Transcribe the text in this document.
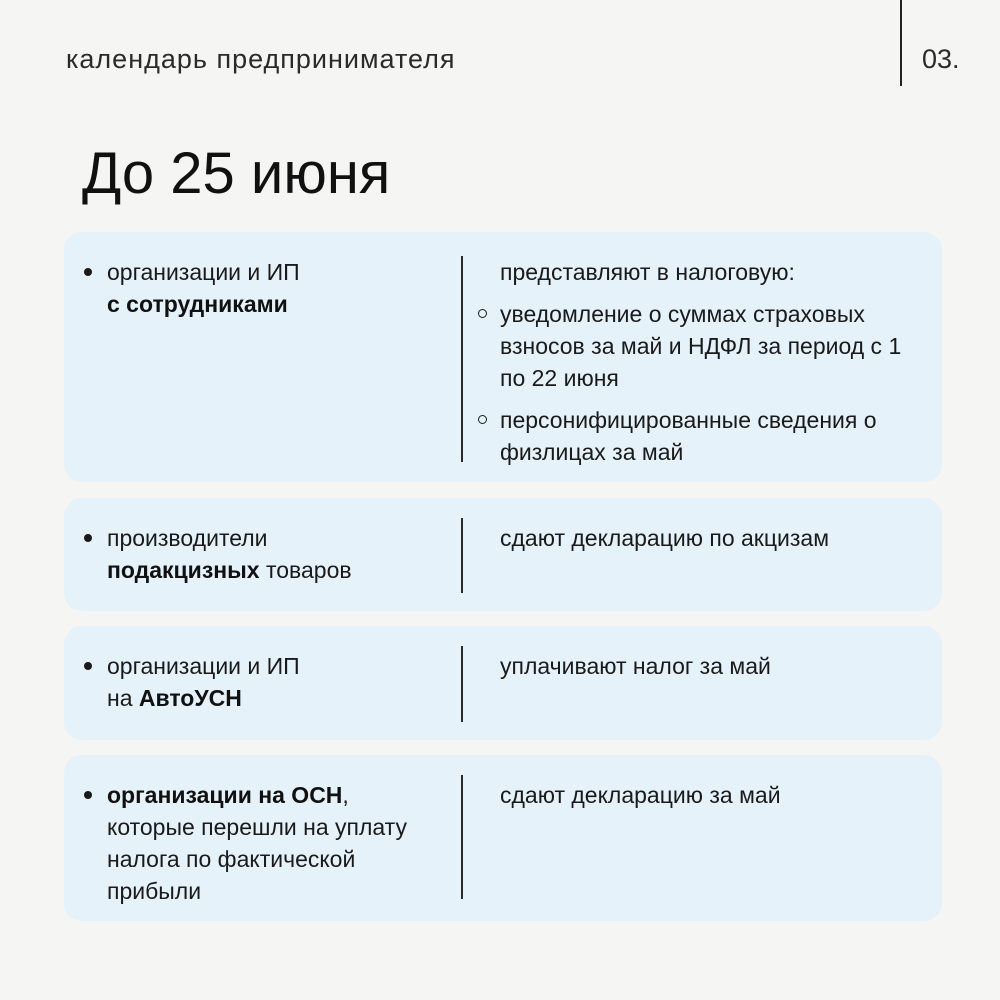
календарь предпринимателя	03.
До 25 июня
организации и ИП
с сотрудниками
представляют в налоговую:
уведомление о суммах страховых взносов за май и НДФЛ за период с 1 по 22 июня
персонифицированные сведения о физлицах за май
производители
подакцизных товаров
сдают декларацию по акцизам
организации и ИП
на АвтоУСН
уплачивают налог за май
организации на ОСН, которые перешли на уплату налога по фактической прибыли
сдают декларацию за май
